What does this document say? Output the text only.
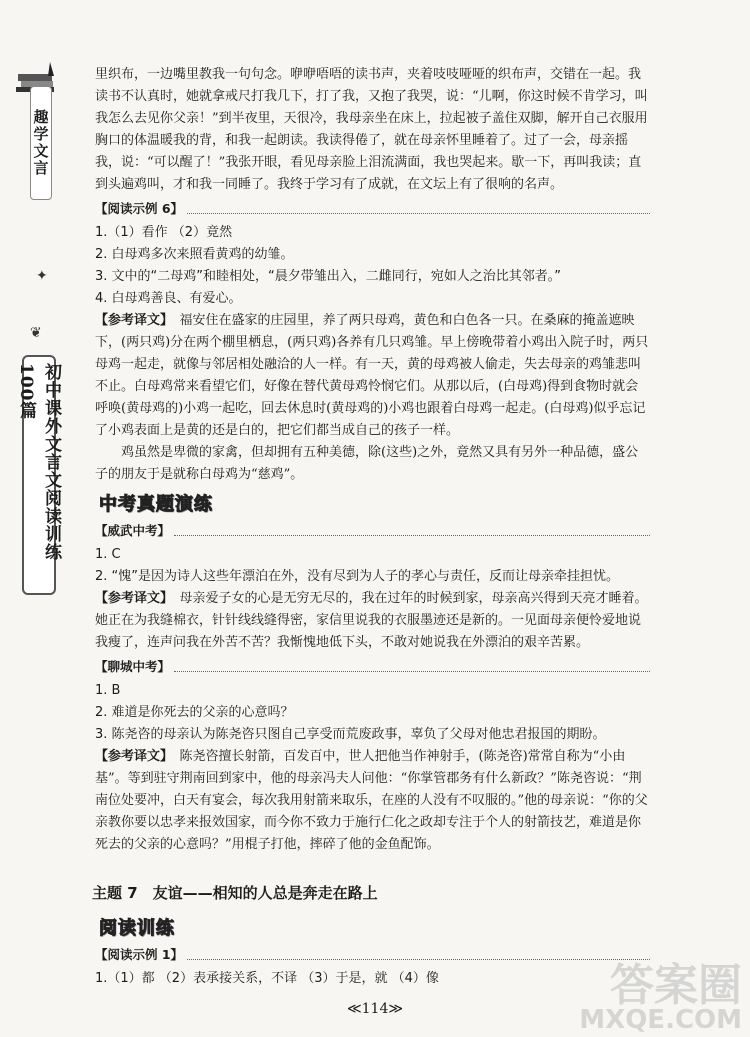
趣学文言
✦
❦
初中课外文言文阅读训练100篇

里织布，一边嘴里教我一句句念。咿咿唔唔的读书声，夹着吱吱哑哑的织布声，交错在一起。我读书不认真时，她就拿戒尺打我几下，打了我，又抱了我哭，说：“儿啊，你这时候不肯学习，叫我怎么去见你父亲！”到半夜里，天很冷，我母亲坐在床上，拉起被子盖住双脚，解开自己衣服用胸口的体温暖我的背，和我一起朗读。我读得倦了，就在母亲怀里睡着了。过了一会，母亲摇我，说：“可以醒了！”我张开眼，看见母亲脸上泪流满面，我也哭起来。歇一下，再叫我读；直到头遍鸡叫，才和我一同睡了。我终于学习有了成就，在文坛上有了很响的名声。

【阅读示例 6】

1.（1）看作 （2）竟然

2. 白母鸡多次来照看黄鸡的幼雏。

3. 文中的“二母鸡”和睦相处，“晨夕带雏出入，二雌同行，宛如人之治比其邻者。”

4. 白母鸡善良、有爱心。

【参考译文】　 福安住在盛家的庄园里，养了两只母鸡，黄色和白色各一只。在桑麻的掩盖遮映下，(两只鸡)分在两个棚里栖息，(两只鸡)各养有几只鸡雏。早上傍晚带着小鸡出入院子时，两只母鸡一起走，就像与邻居相处融洽的人一样。有一天，黄的母鸡被人偷走，失去母亲的鸡雏悲叫不止。白母鸡常来看望它们，好像在替代黄母鸡怜悯它们。从那以后，(白母鸡)得到食物时就会呼唤(黄母鸡的)小鸡一起吃，回去休息时(黄母鸡的)小鸡也跟着白母鸡一起走。(白母鸡)似乎忘记了小鸡表面上是黄的还是白的，把它们都当成自己的孩子一样。

鸡虽然是卑微的家禽，但却拥有五种美德，除(这些)之外，竟然又具有另外一种品德，盛公子的朋友于是就称白母鸡为“慈鸡”。

中考真题演练
【威武中考】

1. C

2. “愧”是因为诗人这些年漂泊在外，没有尽到为人子的孝心与责任，反而让母亲牵挂担忧。

【参考译文】　 母亲爱子女的心是无穷无尽的，我在过年的时候到家，母亲高兴得到天亮才睡着。她正在为我缝棉衣，针针线线缝得密，家信里说我的衣服墨迹还是新的。一见面母亲便怜爱地说我瘦了，连声问我在外苦不苦？我惭愧地低下头，不敢对她说我在外漂泊的艰辛苦累。

【聊城中考】

1. B

2. 难道是你死去的父亲的心意吗？

3. 陈尧咨的母亲认为陈尧咨只图自己享受而荒废政事，辜负了父母对他忠君报国的期盼。

【参考译文】　 陈尧咨擅长射箭，百发百中，世人把他当作神射手，(陈尧咨)常常自称为“小由基”。等到驻守荆南回到家中，他的母亲冯夫人问他：“你掌管郡务有什么新政？”陈尧咨说：“荆南位处要冲，白天有宴会，每次我用射箭来取乐，在座的人没有不叹服的。”他的母亲说：“你的父亲教你要以忠孝来报效国家，而今你不致力于施行仁化之政却专注于个人的射箭技艺，难道是你死去的父亲的心意吗？”用棍子打他，摔碎了他的金鱼配饰。

主题 7　友谊——相知的人总是奔走在路上
阅读训练
【阅读示例 1】

1.（1）都 （2）表承接关系，不译 （3）于是，就 （4）像

≪114≫	答案圈
MXQE.COM
